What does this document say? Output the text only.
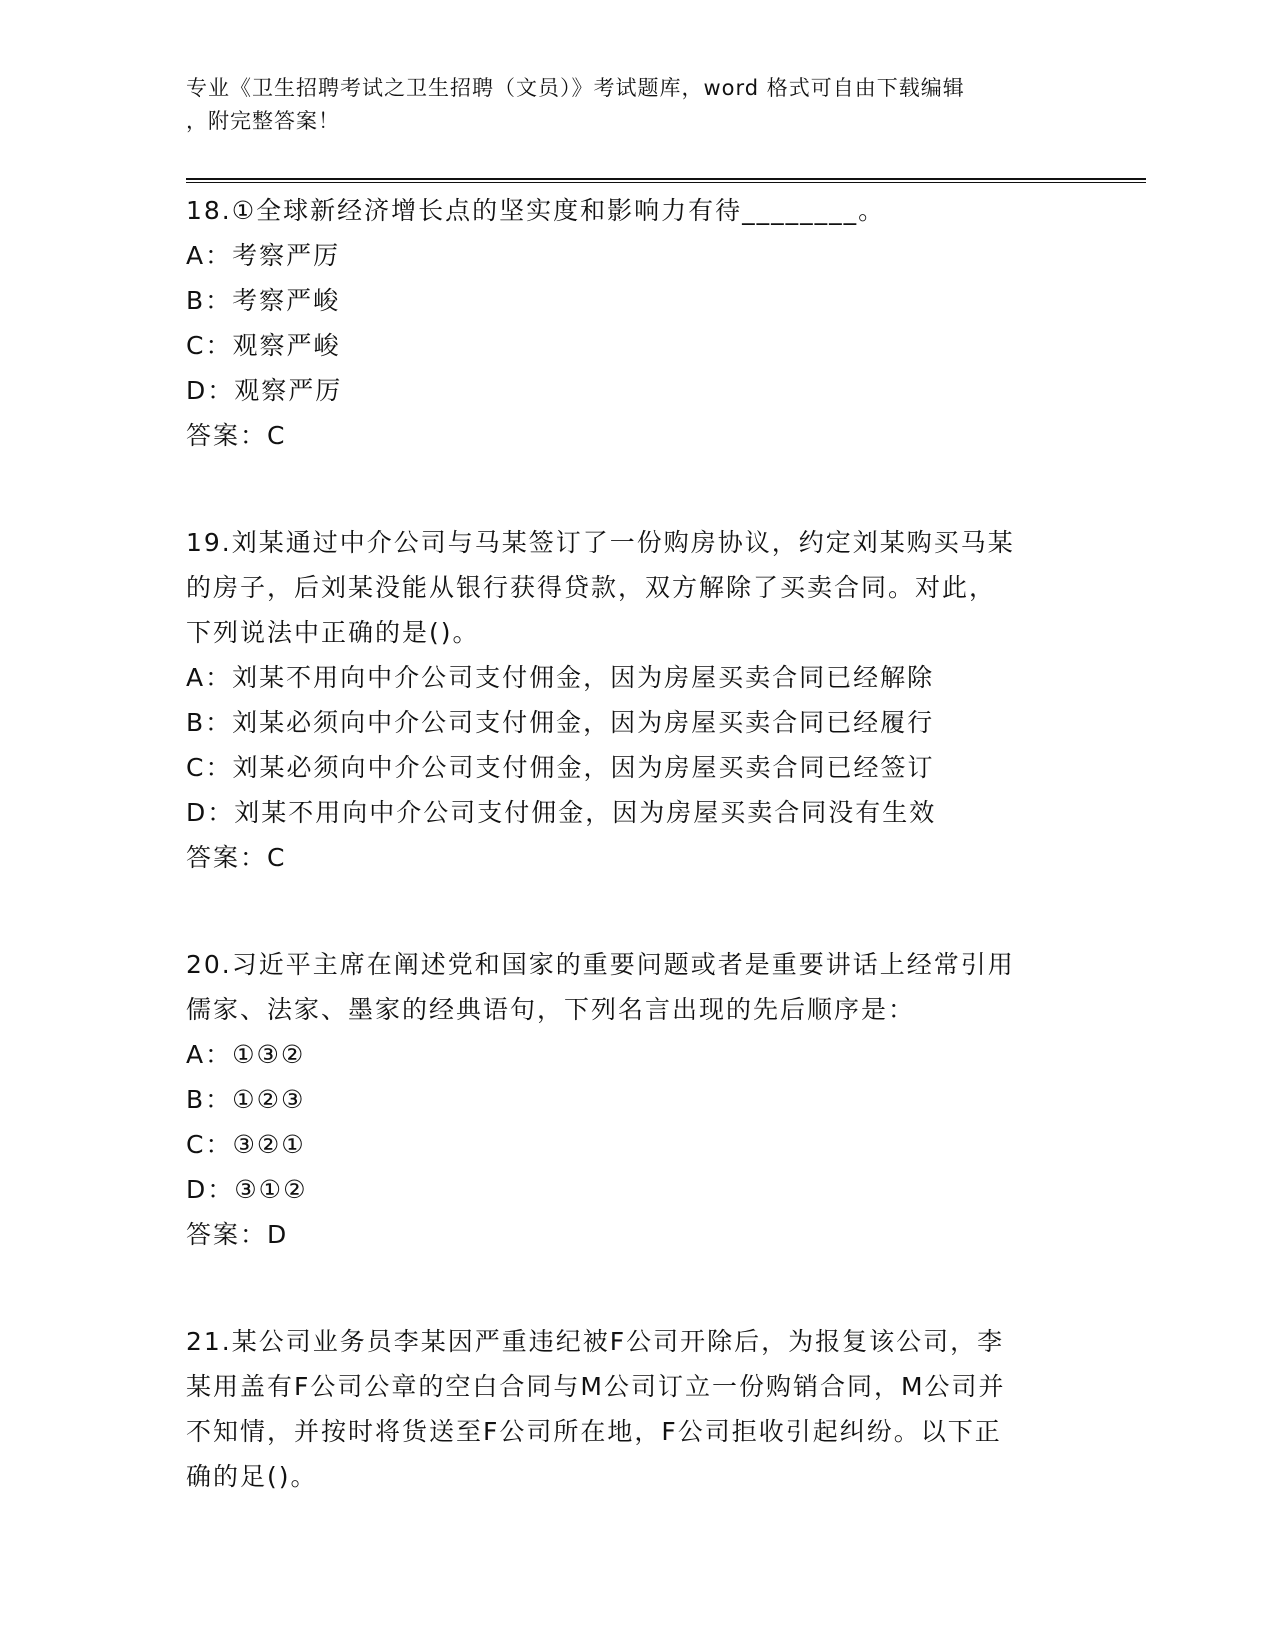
专业《卫生招聘考试之卫生招聘（文员）》考试题库，word 格式可自由下载编辑
，附完整答案！
18.①全球新经济增长点的坚实度和影响力有待________。
A：考察严厉
B：考察严峻
C：观察严峻
D：观察严厉
答案：C
19.刘某通过中介公司与马某签订了一份购房协议，约定刘某购买马某
的房子，后刘某没能从银行获得贷款，双方解除了买卖合同。对此，
下列说法中正确的是()。
A：刘某不用向中介公司支付佣金，因为房屋买卖合同已经解除
B：刘某必须向中介公司支付佣金，因为房屋买卖合同已经履行
C：刘某必须向中介公司支付佣金，因为房屋买卖合同已经签订
D：刘某不用向中介公司支付佣金，因为房屋买卖合同没有生效
答案：C
20.习近平主席在阐述党和国家的重要问题或者是重要讲话上经常引用
儒家、法家、墨家的经典语句，下列名言出现的先后顺序是：
A：①③②
B：①②③
C：③②①
D：③①②
答案：D
21.某公司业务员李某因严重违纪被F公司开除后，为报复该公司，李
某用盖有F公司公章的空白合同与M公司订立一份购销合同，M公司并
不知情，并按时将货送至F公司所在地，F公司拒收引起纠纷。以下正
确的足()。
